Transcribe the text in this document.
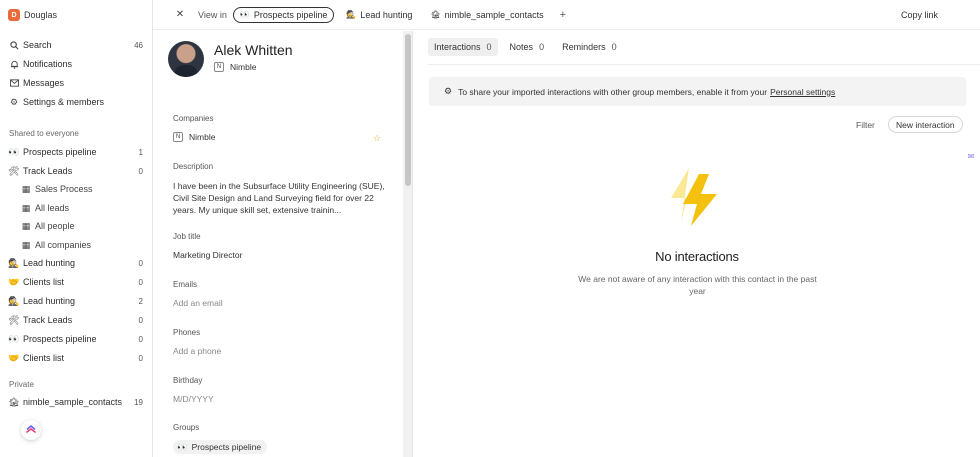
D Douglas
Search	46
Notifications
Messages
⚙ Settings & members
Shared to everyone
👀 Prospects pipeline	1
🛠 Track Leads	0
▦ Sales Process
▦ All leads
▦ All people
▦ All companies
🕵 Lead hunting	0
🤝 Clients list	0
🕵 Lead hunting	2
🛠 Track Leads	0
👀 Prospects pipeline	0
🤝 Clients list	0
Private
🏚 nimble_sample_contacts	19
✕ View in 👀 Prospects pipeline 🕵 Lead hunting 🏚 nimble_sample_contacts +	Copy link
Alek Whitten
N	Nimble
Companies
N	Nimble	☆
Description
I have been in the Subsurface Utility Engineering (SUE), Civil Site Design and Land Surveying field for over 22 years. My unique skill set, extensive trainin...
Job title
Marketing Director
Emails
Add an email
Phones
Add a phone
Birthday
M/D/YYYY
Groups
👀 Prospects pipeline
Interactions 0 Notes 0 Reminders 0
⚙ To share your imported interactions with other group members, enable it from your Personal settings
Filter	New interaction
No interactions
We are not aware of any interaction with this contact in the past year
✉
